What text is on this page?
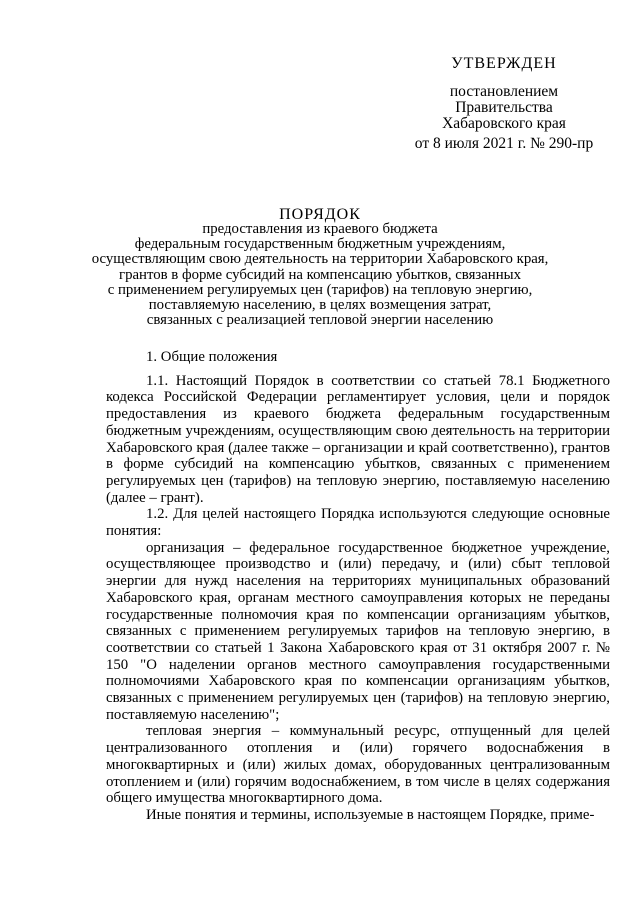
УТВЕРЖДЕН
постановлением
Правительства
Хабаровского края
от 8 июля 2021 г. № 290-пр
ПОРЯДОК
предоставления из краевого бюджета
федеральным государственным бюджетным учреждениям,
осуществляющим свою деятельность на территории Хабаровского края,
грантов в форме субсидий на компенсацию убытков, связанных
с применением регулируемых цен (тарифов) на тепловую энергию,
поставляемую населению, в целях возмещения затрат,
связанных с реализацией тепловой энергии населению
1. Общие положения

1.1. Настоящий Порядок в соответствии со статьей 78.1 Бюджетного кодекса Российской Федерации регламентирует условия, цели и порядок предоставления из краевого бюджета федеральным государственным бюджетным учреждениям, осуществляющим свою деятельность на территории Хабаровского края (далее также – организации и край соответственно), грантов в форме субсидий на компенсацию убытков, связанных с применением регулируемых цен (тарифов) на тепловую энергию, поставляемую населению (далее – грант).

1.2. Для целей настоящего Порядка используются следующие основные понятия:

организация – федеральное государственное бюджетное учреждение, осуществляющее производство и (или) передачу, и (или) сбыт тепловой энергии для нужд населения на территориях муниципальных образований Хабаровского края, органам местного самоуправления которых не переданы государственные полномочия края по компенсации организациям убытков, связанных с применением регулируемых тарифов на тепловую энергию, в соответствии со статьей 1 Закона Хабаровского края от 31 октября 2007 г. № 150 "О наделении органов местного самоуправления государственными полномочиями Хабаровского края по компенсации организациям убытков, связанных с применением регулируемых цен (тарифов) на тепловую энергию, поставляемую населению";

тепловая энергия – коммунальный ресурс, отпущенный для целей централизованного отопления и (или) горячего водоснабжения в многоквартирных и (или) жилых домах, оборудованных централизованным отоплением и (или) горячим водоснабжением, в том числе в целях содержания общего имущества многоквартирного дома.

Иные понятия и термины, используемые в настоящем Порядке, приме-
